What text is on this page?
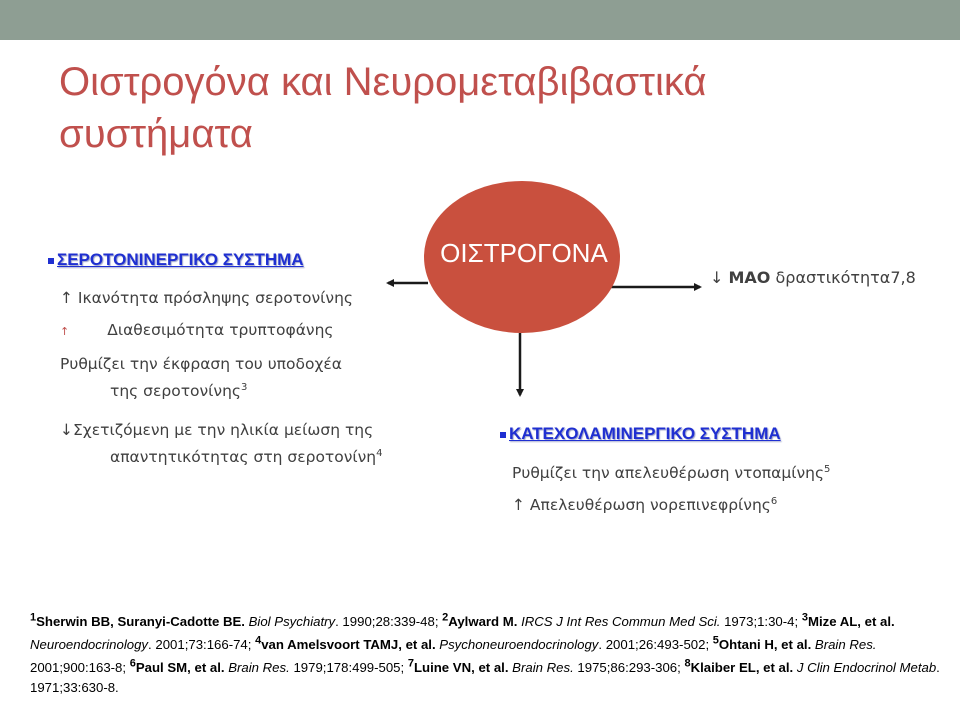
Οιστρογόνα και Νευρομεταβιβαστικά
συστήματα
ΟΙΣΤΡΟΓΟΝΑ
ΣΕΡΟΤΟΝΙΝΕΡΓΙΚΟ ΣΥΣΤΗΜΑ
↑ Ικανότητα πρόσληψης σεροτονίνης
↑ Διαθεσιμότητα τρυπτοφάνης
Ρυθμίζει την έκφραση του υποδοχέα
της σεροτονίνης$^3$
↓Σχετιζόμενη με την ηλικία μείωση της
απαντητικότητας στη σεροτονίνη$^4$
↓ ΜΑΟ δραστικότητα7,8
ΚΑΤΕΧΟΛΑΜΙΝΕΡΓΙΚΟ ΣΥΣΤΗΜΑ
Ρυθμίζει την απελευθέρωση ντοπαμίνης$^5$
↑ Απελευθέρωση νορεπινεφρίνης$^6$
$^1$Sherwin BB, Suranyi-Cadotte BE. Biol Psychiatry. 1990;28:339-48; $^2$Aylward M. IRCS J Int Res Commun Med Sci. 1973;1:30-4; $^3$Mize AL, et al. Neuroendocrinology. 2001;73:166-74; $^4$van Amelsvoort TAMJ, et al. Psychoneuroendocrinology. 2001;26:493-502; $^5$Ohtani H, et al. Brain Res. 2001;900:163-8; $^6$Paul SM, et al. Brain Res. 1979;178:499-505; $^7$Luine VN, et al. Brain Res. 1975;86:293-306; $^8$Klaiber EL, et al. J Clin Endocrinol Metab. 1971;33:630-8.
